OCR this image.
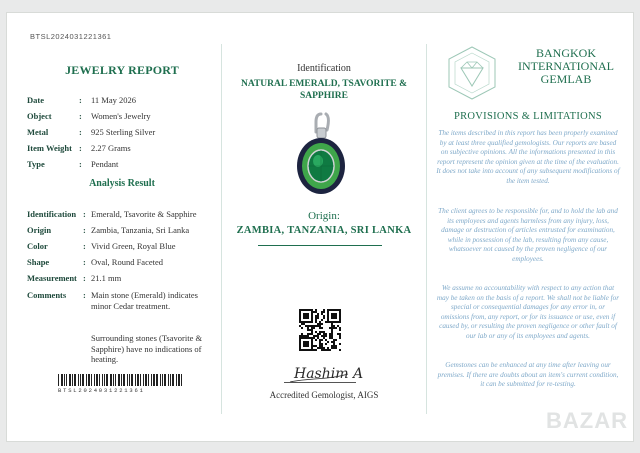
BTSL2024031221361
JEWELRY REPORT
Date	: 11 May 2026
Object	: Women's Jewelry
Metal	: 925 Sterling Silver
Item Weight : 2.27 Grams
Type	: Pendant
Analysis Result
Identification : Emerald, Tsavorite & Sapphire
Origin	: Zambia, Tanzania, Sri Lanka
Color	: Vivid Green, Royal Blue
Shape	: Oval, Round Faceted
Measurement : 21.1 mm
Comments	: Main stone (Emerald) indicates minor Cedar treatment.
Surrounding stones (Tsavorite & Sapphire) have no indications of heating.
BTSL2024031221361
Identification
NATURAL EMERALD, TSAVORITE & SAPPHIRE
Origin:
ZAMBIA, TANZANIA, SRI LANKA
Hashim A
Accredited Gemologist, AIGS
BANGKOK
INTERNATIONAL
GEMLAB
PROVISIONS & LIMITATIONS
The items described in this report has been properly examined by at least three qualified gemologists. Our reports are based on subjective opinions. All the informations presented in this report represent the opinion given at the time of the evaluation. It does not take into account of any subsequent modifications of the item tested.
The client agrees to be responsible for, and to hold the lab and its employees and agents harmless from any injury, loss, damage or destruction of articles entrusted for examination, while in possession of the lab, resulting from any cause, whatsoever not caused by the proven negligence of our employees.
We assume no accountability with respect to any action that may be taken on the basis of a report. We shall not be liable for special or consequential damages for any error in, or omissions from, any report, or for its issuance or use, even if caused by, or resulting the proven negligence or other fault of our lab or any of its employees and agents.
Gemstones can be enhanced at any time after leaving our premises. If there are doubts about an item's current condition, it can be submitted for re-testing.
BAZAR
